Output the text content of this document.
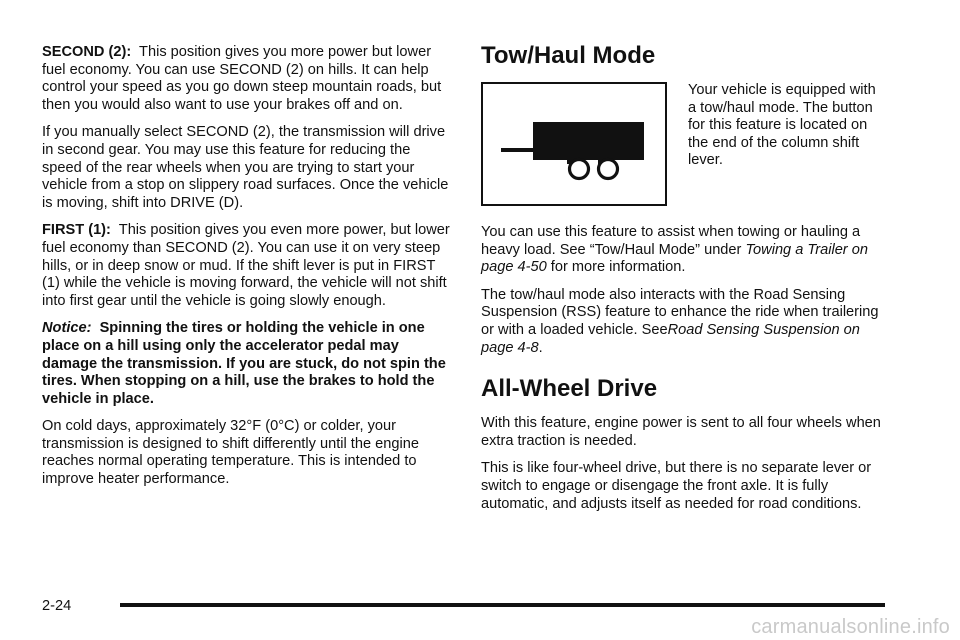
SECOND (2): This position gives you more power but lower fuel economy. You can use SECOND (2) on hills. It can help control your speed as you go down steep mountain roads, but then you would also want to use your brakes off and on.

If you manually select SECOND (2), the transmission will drive in second gear. You may use this feature for reducing the speed of the rear wheels when you are trying to start your vehicle from a stop on slippery road surfaces. Once the vehicle is moving, shift into DRIVE (D).

FIRST (1): This position gives you even more power, but lower fuel economy than SECOND (2). You can use it on very steep hills, or in deep snow or mud. If the shift lever is put in FIRST (1) while the vehicle is moving forward, the vehicle will not shift into first gear until the vehicle is going slowly enough.

Notice: Spinning the tires or holding the vehicle in one place on a hill using only the accelerator pedal may damage the transmission. If you are stuck, do not spin the tires. When stopping on a hill, use the brakes to hold the vehicle in place.

On cold days, approximately 32°F (0°C) or colder, your transmission is designed to shift differently until the engine reaches normal operating temperature. This is intended to improve heater performance.

Tow/Haul Mode

Your vehicle is equipped with a tow/haul mode. The button for this feature is located on the end of the column shift lever.

You can use this feature to assist when towing or hauling a heavy load. See “Tow/Haul Mode” under Towing a Trailer on page 4-50 for more information.

The tow/haul mode also interacts with the Road Sensing Suspension (RSS) feature to enhance the ride when trailering or with a loaded vehicle. SeeRoad Sensing Suspension on page 4-8.

All-Wheel Drive

With this feature, engine power is sent to all four wheels when extra traction is needed.

This is like four-wheel drive, but there is no separate lever or switch to engage or disengage the front axle. It is fully automatic, and adjusts itself as needed for road conditions.

2-24
carmanualsonline.info
